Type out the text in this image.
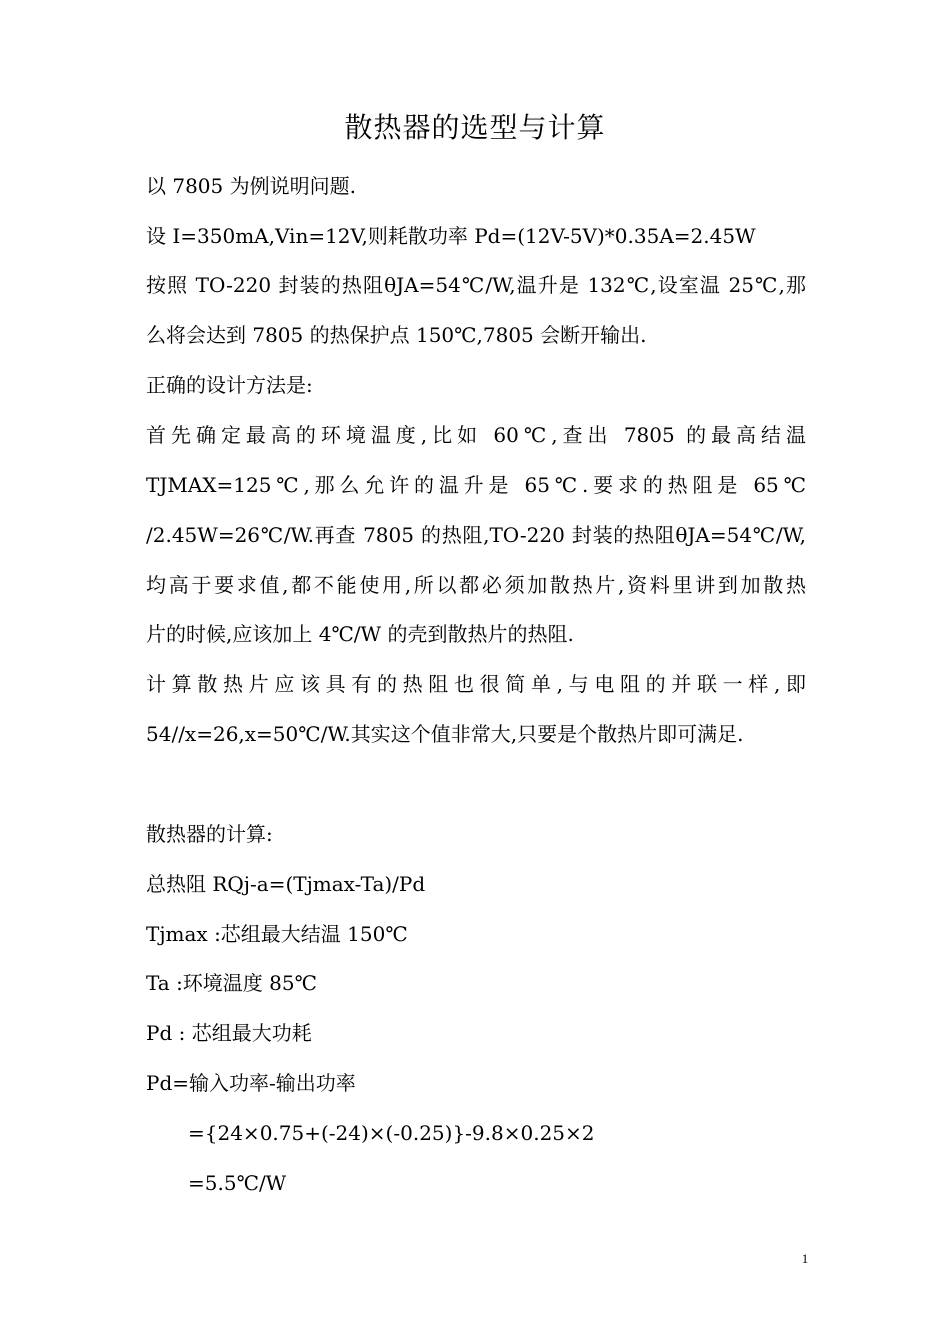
散热器的选型与计算
以 7805 为例说明问题.
设 I=350mA,Vin=12V,则耗散功率 Pd=(12V-5V)*0.35A=2.45W
按照 TO-220 封装的热阻θJA=54℃/W,温升是 132℃,设室温 25℃,那
么将会达到 7805 的热保护点 150℃,7805 会断开输出.
正确的设计方法是:
首先确定最高的环境温度,比如 60℃,查出 7805 的最高结温
TJMAX=125℃,那么允许的温升是 65℃.要求的热阻是 65℃
/2.45W=26℃/W.再查 7805 的热阻,TO-220 封装的热阻θJA=54℃/W,
均高于要求值,都不能使用,所以都必须加散热片,资料里讲到加散热
片的时候,应该加上 4℃/W 的壳到散热片的热阻.
计算散热片应该具有的热阻也很简单,与电阻的并联一样,即
54//x=26,x=50℃/W.其实这个值非常大,只要是个散热片即可满足.
散热器的计算:
总热阻 RQj-a=(Tjmax-Ta)/Pd
Tjmax :芯组最大结温 150℃
Ta :环境温度 85℃
Pd : 芯组最大功耗
Pd=输入功率-输出功率
={24×0.75+(-24)×(-0.25)}-9.8×0.25×2
=5.5℃/W
1
